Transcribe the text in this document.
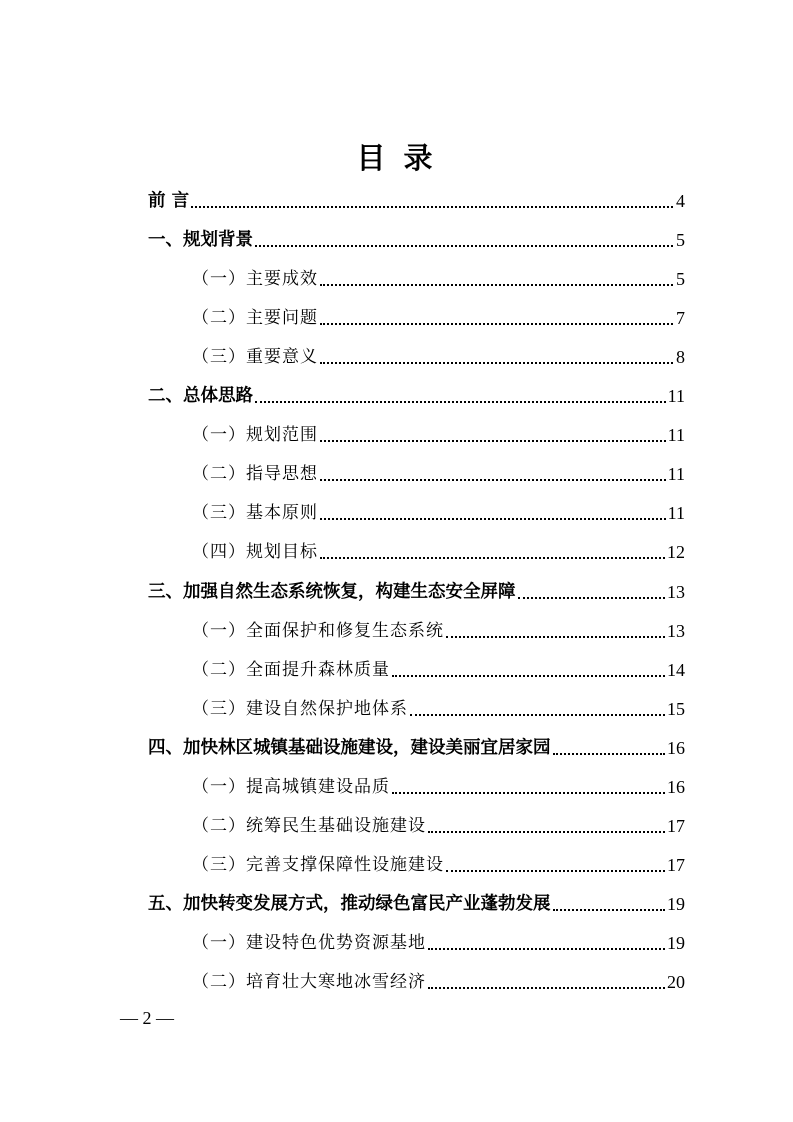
目 录
前 言	4
一、规划背景	5
（一）主要成效	5
（二）主要问题	7
（三）重要意义	8
二、总体思路	11
（一）规划范围	11
（二）指导思想	11
（三）基本原则	11
（四）规划目标	12
三、加强自然生态系统恢复，构建生态安全屏障	13
（一）全面保护和修复生态系统	13
（二）全面提升森林质量	14
（三）建设自然保护地体系	15
四、加快林区城镇基础设施建设，建设美丽宜居家园	16
（一）提高城镇建设品质	16
（二）统筹民生基础设施建设	17
（三）完善支撑保障性设施建设	17
五、加快转变发展方式，推动绿色富民产业蓬勃发展	19
（一）建设特色优势资源基地	19
（二）培育壮大寒地冰雪经济	20
— 2 —
